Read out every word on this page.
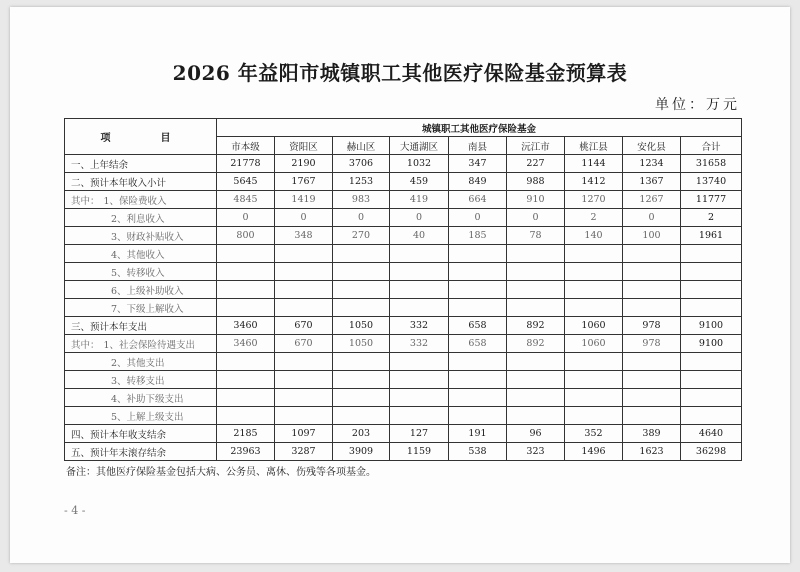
2026 年益阳市城镇职工其他医疗保险基金预算表
单位：万元
项　　目	城镇职工其他医疗保险基金								
	市本级	资阳区	赫山区	大通湖区	南县	沅江市	桃江县	安化县	合计
一、上年结余	21778	2190	3706	1032	347	227	1144	1234	31658
二、预计本年收入小计	5645	1767	1253	459	849	988	1412	1367	13740
其中： 1、保险费收入	4845	1419	983	419	664	910	1270	1267	11777
2、利息收入	0	0	0	0	0	0	2	0	2
3、财政补贴收入	800	348	270	40	185	78	140	100	1961
4、其他收入									
5、转移收入									
6、上级补助收入									
7、下级上解收入									
三、预计本年支出	3460	670	1050	332	658	892	1060	978	9100
其中： 1、社会保险待遇支出	3460	670	1050	332	658	892	1060	978	9100
2、其他支出									
3、转移支出									
4、补助下级支出									
5、上解上级支出									
四、预计本年收支结余	2185	1097	203	127	191	96	352	389	4640
五、预计年末滚存结余	23963	3287	3909	1159	538	323	1496	1623	36298
备注：其他医疗保险基金包括大病、公务员、离休、伤残等各项基金。
- 4 -
